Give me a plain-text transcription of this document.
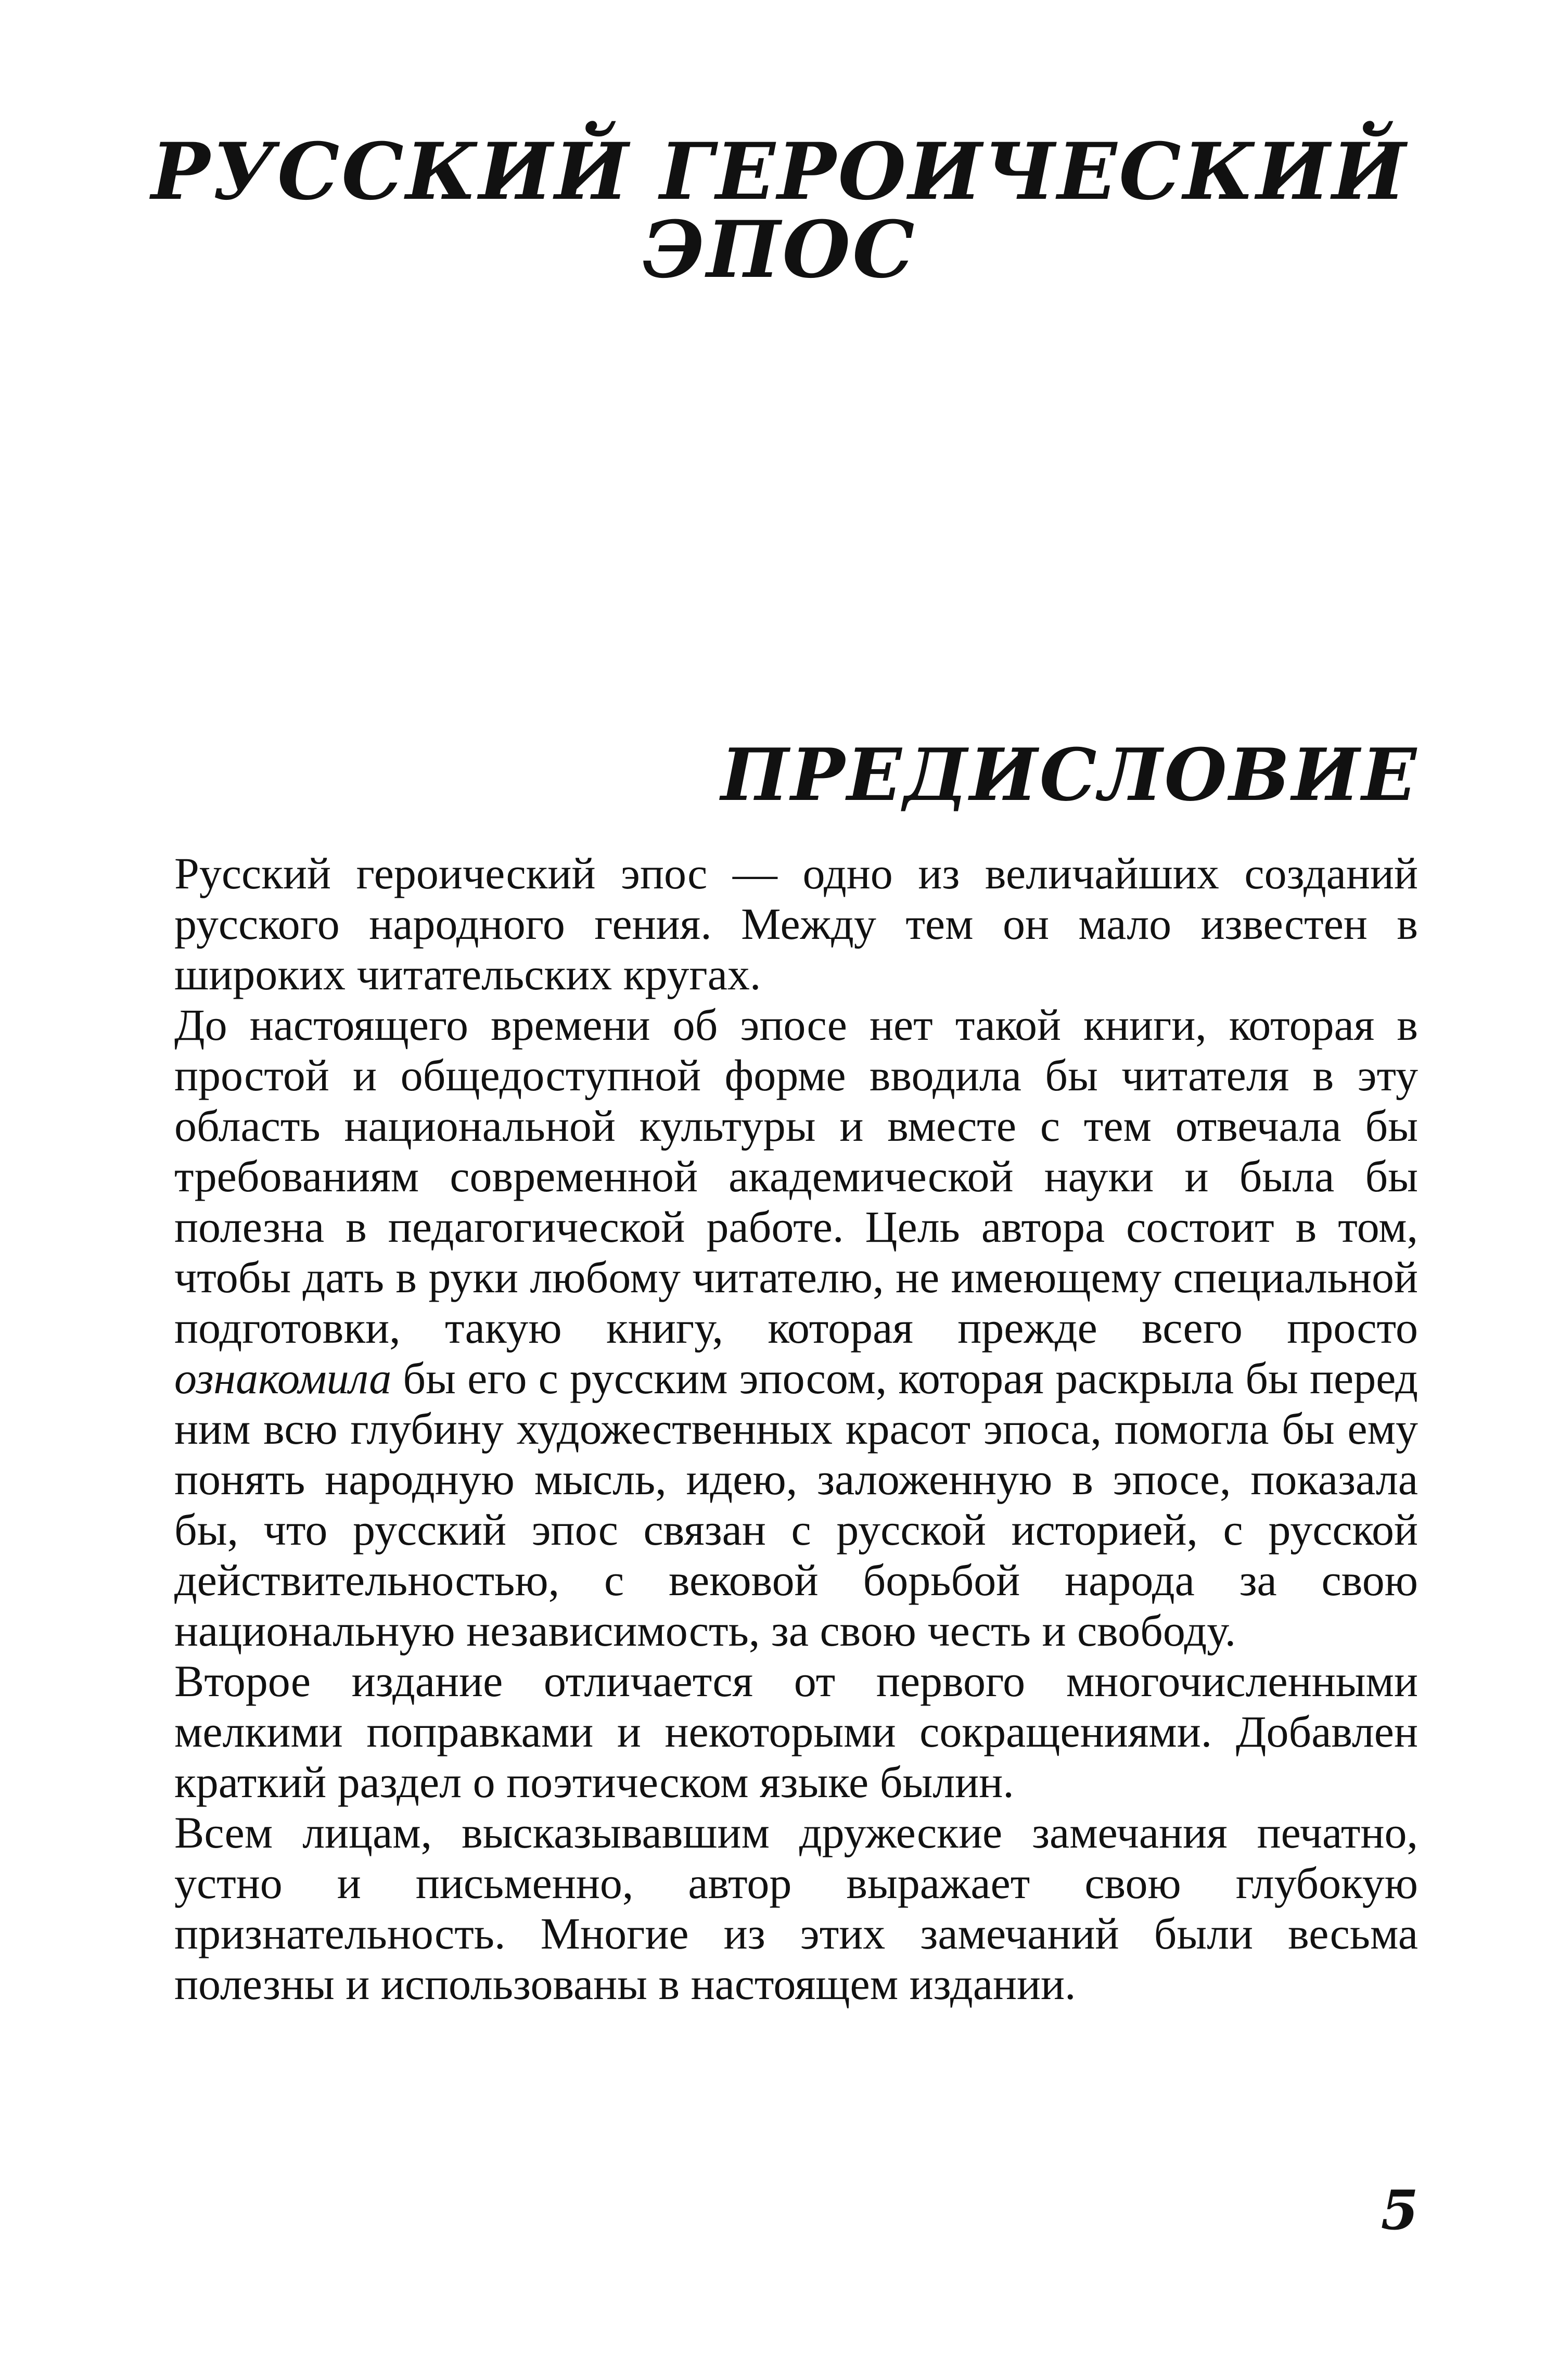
РУССКИЙ ГЕРОИЧЕСКИЙ ЭПОС
ПРЕДИСЛОВИЕ

Русский героический эпос — одно из величайших созданий русского народного гения. Между тем он мало известен в широких читательских кругах.

До настоящего времени об эпосе нет такой книги, которая в простой и общедоступной форме вводила бы читателя в эту область национальной культуры и вместе с тем отвечала бы требованиям современной академической науки и была бы полезна в педагогической работе. Цель автора состоит в том, чтобы дать в руки любому читателю, не имеющему специальной подготовки, такую книгу, которая прежде всего просто ознакомила бы его с русским эпосом, которая раскрыла бы перед ним всю глубину художественных красот эпоса, помогла бы ему понять народную мысль, идею, заложенную в эпосе, показала бы, что русский эпос связан с русской историей, с русской действительностью, с вековой борьбой народа за свою национальную независимость, за свою честь и свободу.

Второе издание отличается от первого многочисленными мелкими поправками и некоторыми сокращениями. Добавлен краткий раздел о поэтическом языке былин.

Всем лицам, высказывавшим дружеские замечания печатно, устно и письменно, автор выражает свою глубокую признательность. Многие из этих замечаний были весьма полезны и использованы в настоящем издании.

5
